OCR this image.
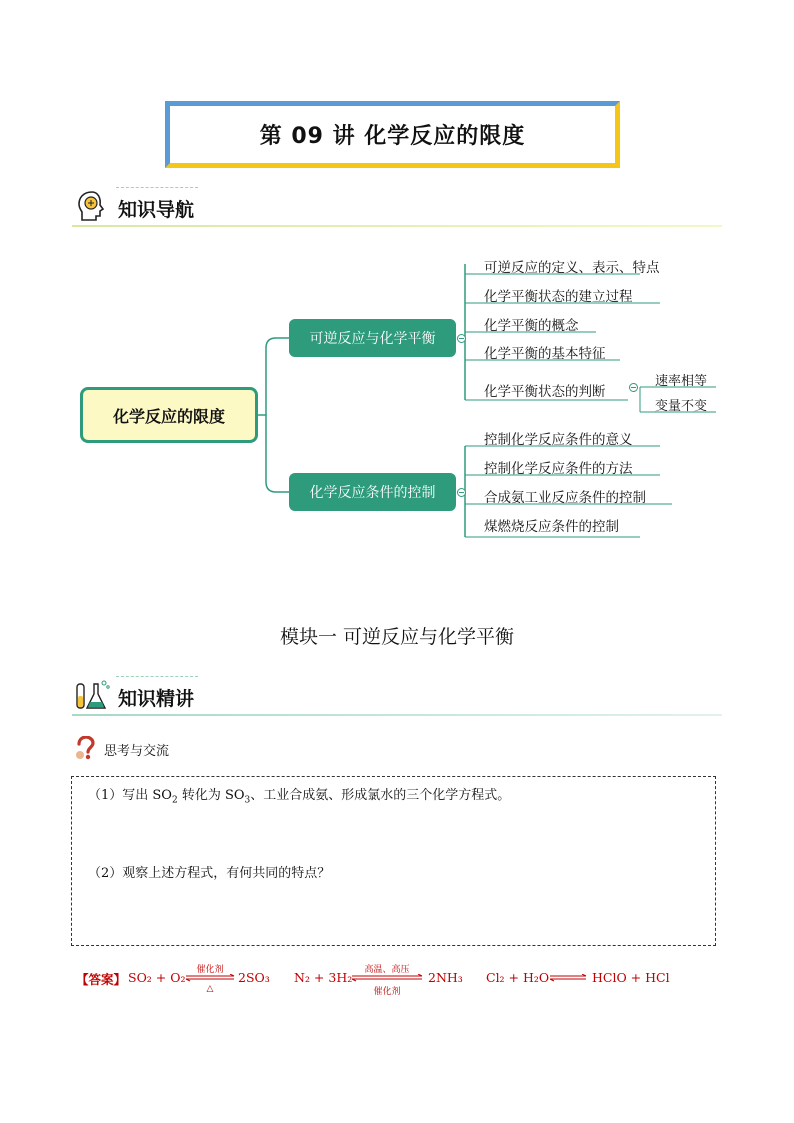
第 09 讲 化学反应的限度
知识导航
化学反应的限度
可逆反应与化学平衡
化学反应条件的控制
可逆反应的定义、表示、特点
化学平衡状态的建立过程
化学平衡的概念
化学平衡的基本特征
化学平衡状态的判断
速率相等
变量不变
控制化学反应条件的意义
控制化学反应条件的方法
合成氨工业反应条件的控制
煤燃烧反应条件的控制
模块一 可逆反应与化学平衡
知识精讲
思考与交流
（1）写出 $SO_2$ 转化为 $SO_3$、工业合成氨、形成氯水的三个化学方程式。
（2）观察上述方程式，有何共同的特点？
【答案】 SO₂ + O₂	催化剂
△
2SO₃ N₂ + 3H₂	高温、高压
催化剂
2NH₃ Cl₂ + H₂O	HClO + HCl
